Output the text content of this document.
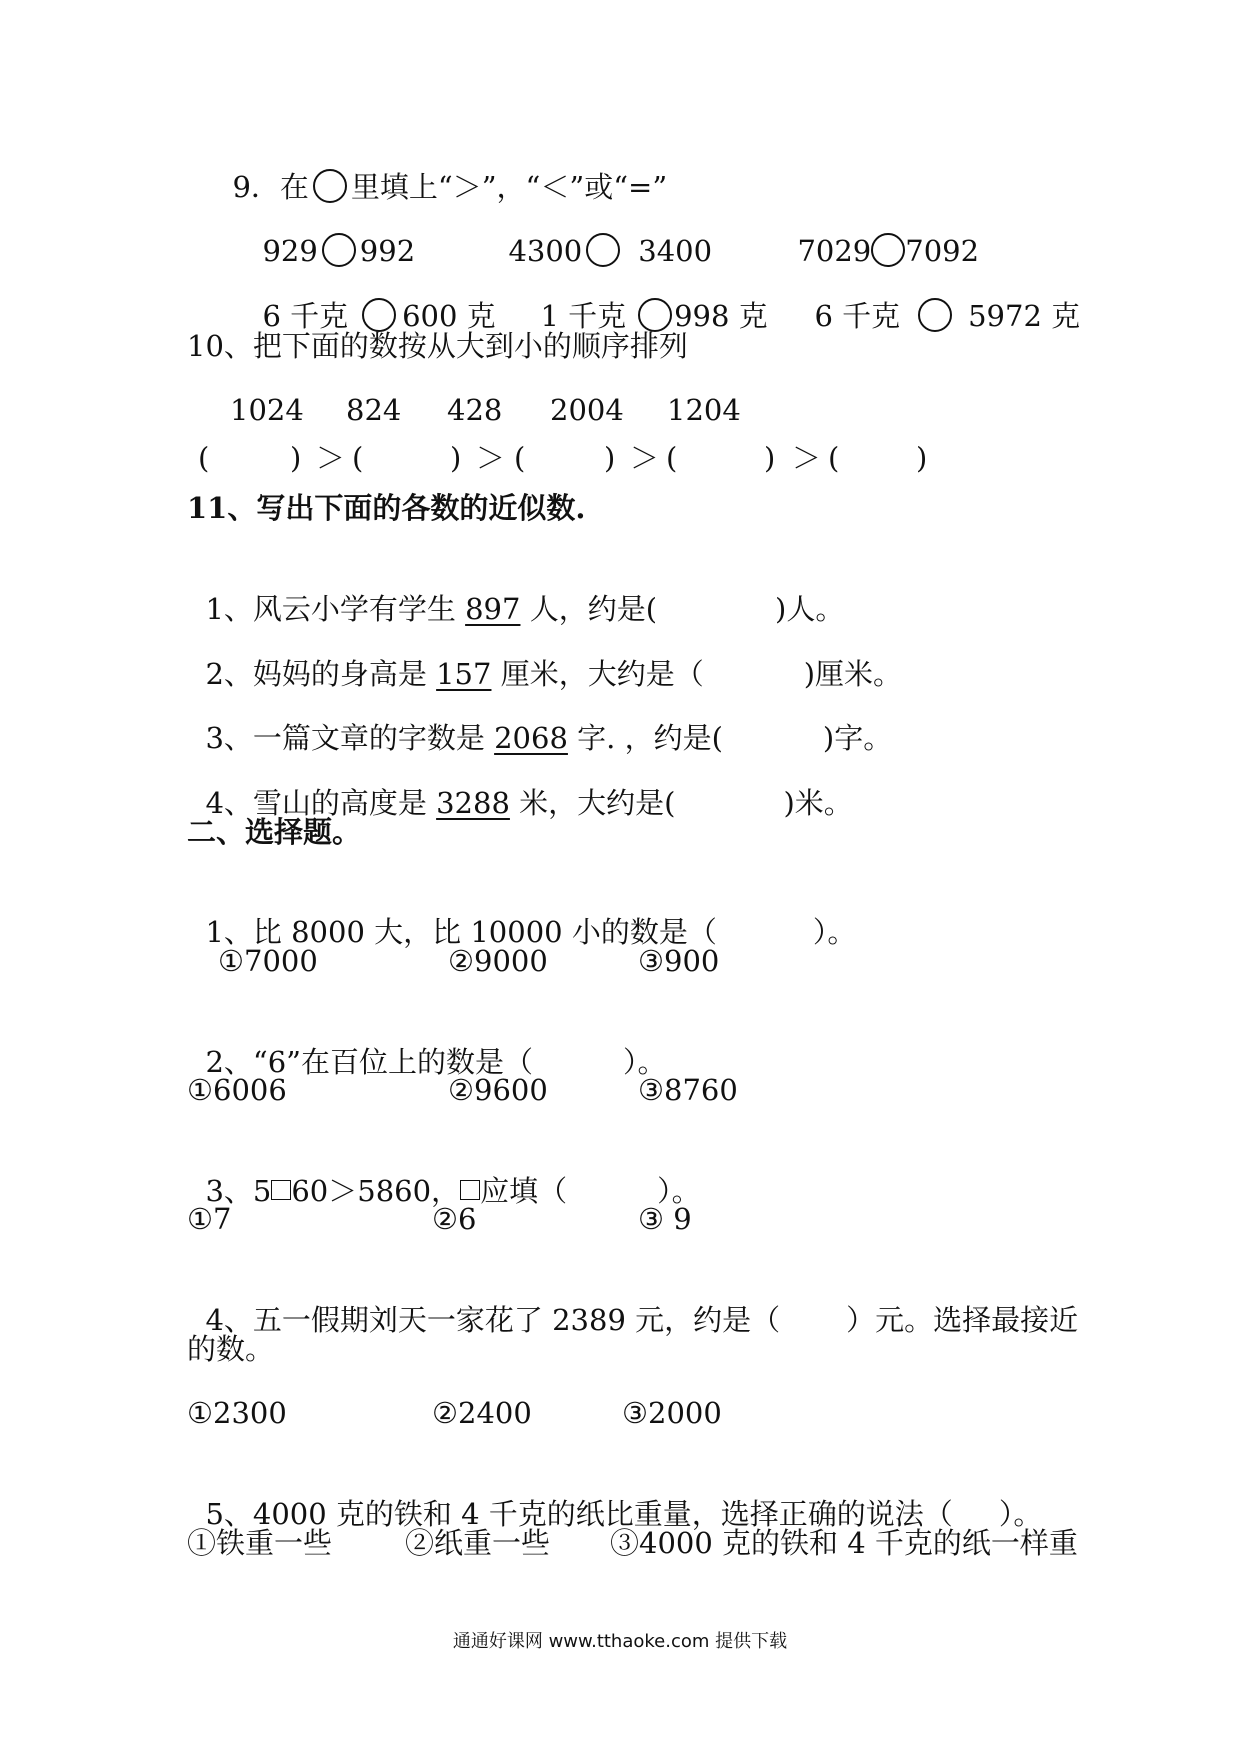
9．在 里填上“＞”，“＜”或“=”

929 992	4300 3400	7029 7092

6 千克 600 克	1 千克 998 克	6 千克 5972 克

10、把下面的数按从大到小的顺序排列
1024 824 428 2004 1204
(	) ＞ (	) ＞ (	) ＞ (	) ＞ (	)
11、写出下面的各数的近似数.

1、风云小学有学生 897 人，约是(	)人。

2、妈妈的身高是 157 厘米，大约是（	)厘米。

3、一篇文章的字数是 2068 字. ，约是(	)字。

4、雪山的高度是 3288 米，大约是(	)米。

二、选择题。

1、比 8000 大，比 10000 小的数是（	）。

①7000	②9000	③900

2、“6”在百位上的数是（	）。

①6006	②9600	③8760

3、5 60＞5860， 应填（	）。

①7	②6	③ 9

4、五一假期刘天一家花了 2389 元，约是（ ）元。选择最接近

的数。
①2300	②2400	③2000

5、4000 克的铁和 4 千克的纸比重量，选择正确的说法（ ）。

①铁重一些	②纸重一些 ③4000 克的铁和 4 千克的纸一样重
通通好课网 www.tthaoke.com 提供下载
